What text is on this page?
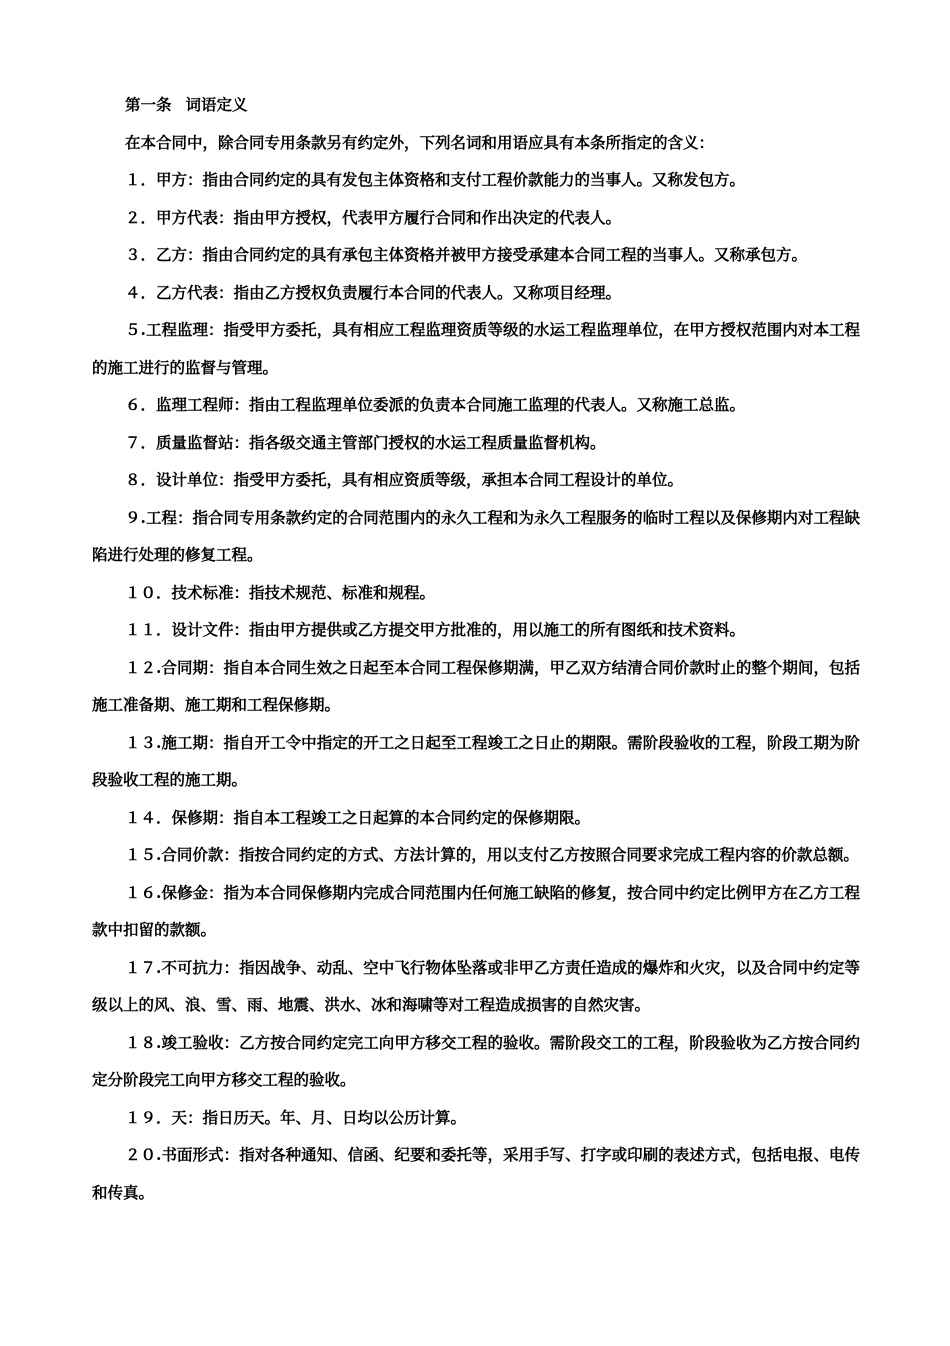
第一条 词语定义

在本合同中，除合同专用条款另有约定外，下列名词和用语应具有本条所指定的含义：

１．甲方：指由合同约定的具有发包主体资格和支付工程价款能力的当事人。又称发包方。

２．甲方代表：指由甲方授权，代表甲方履行合同和作出决定的代表人。

３．乙方：指由合同约定的具有承包主体资格并被甲方接受承建本合同工程的当事人。又称承包方。

４．乙方代表：指由乙方授权负责履行本合同的代表人。又称项目经理。

５.工程监理：指受甲方委托，具有相应工程监理资质等级的水运工程监理单位，在甲方授权范围内对本工程的施工进行的监督与管理。

６．监理工程师：指由工程监理单位委派的负责本合同施工监理的代表人。又称施工总监。

７．质量监督站：指各级交通主管部门授权的水运工程质量监督机构。

８．设计单位：指受甲方委托，具有相应资质等级，承担本合同工程设计的单位。

９.工程：指合同专用条款约定的合同范围内的永久工程和为永久工程服务的临时工程以及保修期内对工程缺陷进行处理的修复工程。

１０．技术标准：指技术规范、标准和规程。

１１．设计文件：指由甲方提供或乙方提交甲方批准的，用以施工的所有图纸和技术资料。

１２.合同期：指自本合同生效之日起至本合同工程保修期满，甲乙双方结清合同价款时止的整个期间，包括施工准备期、施工期和工程保修期。

１３.施工期：指自开工令中指定的开工之日起至工程竣工之日止的期限。需阶段验收的工程，阶段工期为阶段验收工程的施工期。

１４．保修期：指自本工程竣工之日起算的本合同约定的保修期限。

１５.合同价款：指按合同约定的方式、方法计算的，用以支付乙方按照合同要求完成工程内容的价款总额。

１６.保修金：指为本合同保修期内完成合同范围内任何施工缺陷的修复，按合同中约定比例甲方在乙方工程款中扣留的款额。

１７.不可抗力：指因战争、动乱、空中飞行物体坠落或非甲乙方责任造成的爆炸和火灾，以及合同中约定等级以上的风、浪、雪、雨、地震、洪水、冰和海啸等对工程造成损害的自然灾害。

１８.竣工验收：乙方按合同约定完工向甲方移交工程的验收。需阶段交工的工程，阶段验收为乙方按合同约定分阶段完工向甲方移交工程的验收。

１９．天：指日历天。年、月、日均以公历计算。

２０.书面形式：指对各种通知、信函、纪要和委托等，采用手写、打字或印刷的表述方式，包括电报、电传和传真。
